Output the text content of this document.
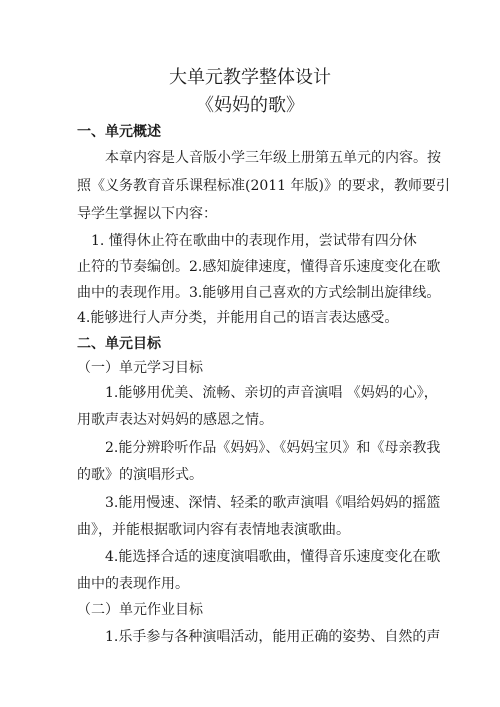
大单元教学整体设计
《妈妈的歌》
一、单元概述
本章内容是人音版小学三年级上册第五单元的内容。按
照《义务教育音乐课程标准(2011 年版)》的要求，教师要引
导学生掌握以下内容：
1. 懂得休止符在歌曲中的表现作用，尝试带有四分休
止符的节奏编创。2.感知旋律速度，懂得音乐速度变化在歌
曲中的表现作用。3.能够用自己喜欢的方式绘制出旋律线。
4.能够进行人声分类，并能用自己的语言表达感受。
二、单元目标
（一）单元学习目标
1.能够用优美、流畅、亲切的声音演唱 《妈妈的心》，
用歌声表达对妈妈的感恩之情。
2.能分辨聆听作品《妈妈》、《妈妈宝贝》和《母亲教我
的歌》的演唱形式。
3.能用慢速、深情、轻柔的歌声演唱《唱给妈妈的摇篮
曲》，并能根据歌词内容有表情地表演歌曲。
4.能选择合适的速度演唱歌曲，懂得音乐速度变化在歌
曲中的表现作用。
（二）单元作业目标
1.乐手参与各种演唱活动，能用正确的姿势、自然的声
